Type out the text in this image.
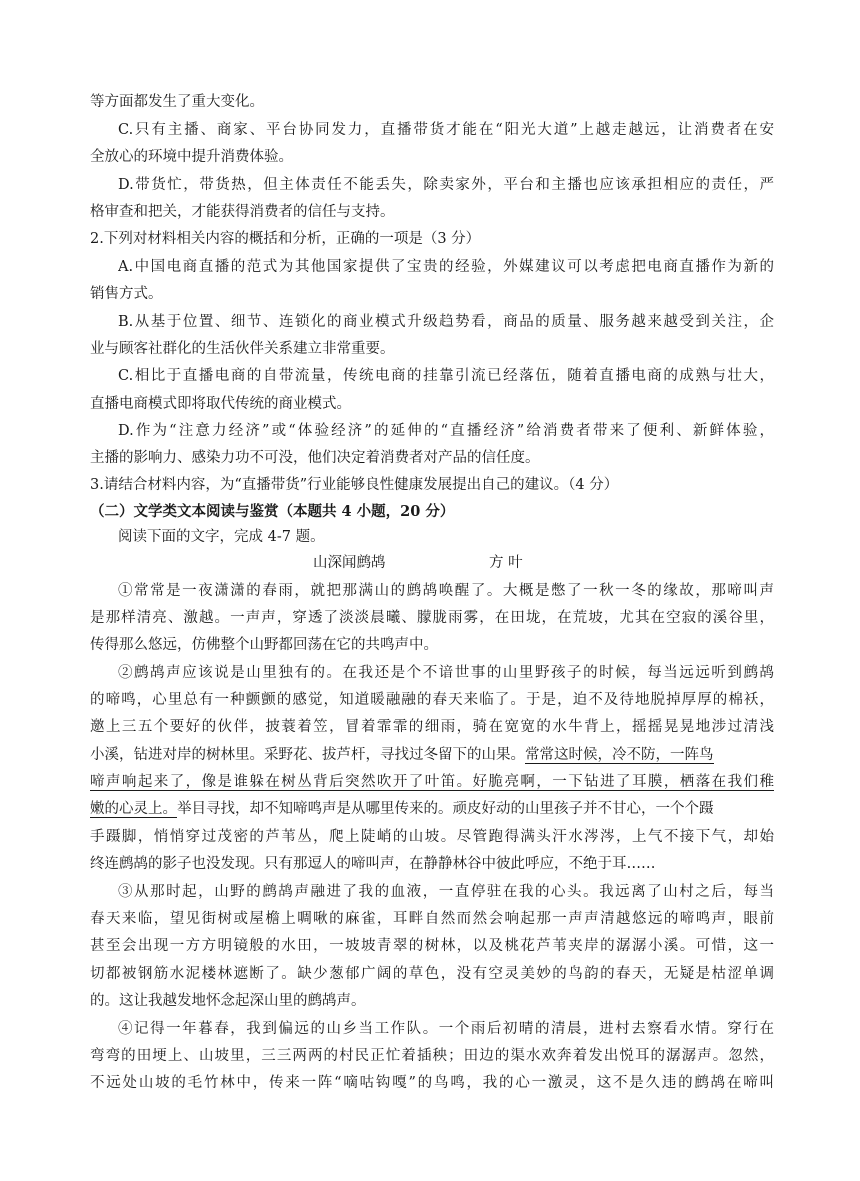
等方面都发生了重大变化。
C.只有主播、商家、平台协同发力，直播带货才能在“阳光大道”上越走越远，让消费者在安
全放心的环境中提升消费体验。
D.带货忙，带货热，但主体责任不能丢失，除卖家外，平台和主播也应该承担相应的责任，严
格审查和把关，才能获得消费者的信任与支持。
2.下列对材料相关内容的概括和分析，正确的一项是（3 分）
A.中国电商直播的范式为其他国家提供了宝贵的经验，外媒建议可以考虑把电商直播作为新的
销售方式。
B.从基于位置、细节、连锁化的商业模式升级趋势看，商品的质量、服务越来越受到关注，企
业与顾客社群化的生活伙伴关系建立非常重要。
C.相比于直播电商的自带流量，传统电商的挂靠引流已经落伍，随着直播电商的成熟与壮大，
直播电商模式即将取代传统的商业模式。
D.作为“注意力经济”或“体验经济”的延伸的“直播经济”给消费者带来了便利、新鲜体验，
主播的影响力、感染力功不可没，他们决定着消费者对产品的信任度。
3.请结合材料内容，为“直播带货”行业能够良性健康发展提出自己的建议。（4 分）
（二）文学类文本阅读与鉴赏（本题共 4 小题，20 分）
阅读下面的文字，完成 4-7 题。
山深闻鹧鸪	方 叶
①常常是一夜潇潇的春雨，就把那满山的鹧鸪唤醒了。大概是憋了一秋一冬的缘故，那啼叫声
是那样清亮、激越。一声声，穿透了淡淡晨曦、朦胧雨雾，在田垅，在荒坡，尤其在空寂的溪谷里，
传得那么悠远，仿佛整个山野都回荡在它的共鸣声中。
②鹧鸪声应该说是山里独有的。在我还是个不谙世事的山里野孩子的时候，每当远远听到鹧鸪
的啼鸣，心里总有一种颤颤的感觉，知道暖融融的春天来临了。于是，迫不及待地脱掉厚厚的棉袄，
邀上三五个要好的伙伴，披蓑着笠，冒着霏霏的细雨，骑在宽宽的水牛背上，摇摇晃晃地涉过清浅
小溪，钻进对岸的树林里。采野花、拔芦杆，寻找过冬留下的山果。常常这时候，冷不防，一阵鸟
啼声响起来了，像是谁躲在树丛背后突然吹开了叶笛。好脆亮啊，一下钻进了耳膜，栖落在我们稚
嫩的心灵上。举目寻找，却不知啼鸣声是从哪里传来的。顽皮好动的山里孩子并不甘心，一个个蹑
手蹑脚，悄悄穿过茂密的芦苇丛，爬上陡峭的山坡。尽管跑得满头汗水涔涔，上气不接下气，却始
终连鹧鸪的影子也没发现。只有那逗人的啼叫声，在静静林谷中彼此呼应，不绝于耳……
③从那时起，山野的鹧鸪声融进了我的血液，一直停驻在我的心头。我远离了山村之后，每当
春天来临，望见街树或屋檐上啁啾的麻雀，耳畔自然而然会响起那一声声清越悠远的啼鸣声，眼前
甚至会出现一方方明镜般的水田，一坡坡青翠的树林，以及桃花芦苇夹岸的潺潺小溪。可惜，这一
切都被钢筋水泥楼林遮断了。缺少葱郁广阔的草色，没有空灵美妙的鸟韵的春天，无疑是枯涩单调
的。这让我越发地怀念起深山里的鹧鸪声。
④记得一年暮春，我到偏远的山乡当工作队。一个雨后初晴的清晨，进村去察看水情。穿行在
弯弯的田埂上、山坡里，三三两两的村民正忙着插秧；田边的渠水欢奔着发出悦耳的潺潺声。忽然，
不远处山坡的毛竹林中，传来一阵“嘀咕钩嘎”的鸟鸣，我的心一激灵，这不是久违的鹧鸪在啼叫
